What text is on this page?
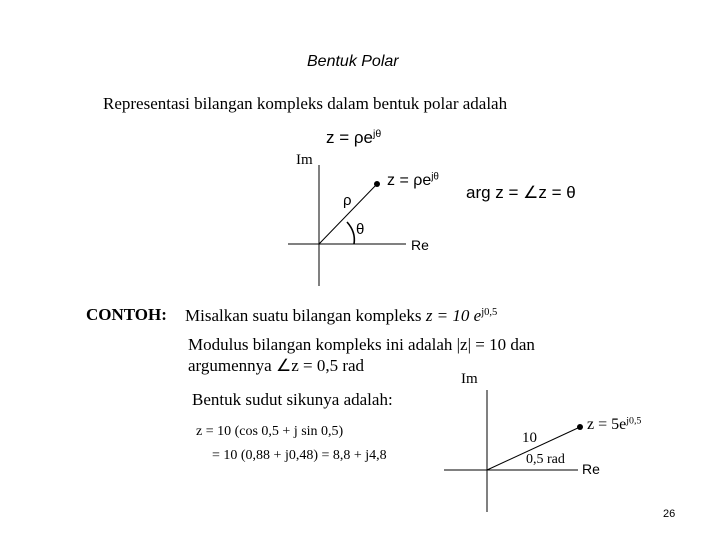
Bentuk Polar
Representasi bilangan kompleks dalam bentuk polar adalah
$z = \rho e^{j\theta}$
Im
Re
$z = \rho e^{j\theta}$
ρ
θ
arg z = ∠z = θ
CONTOH: Misalkan suatu bilangan kompleks z = 10 $e^{j0,5}$
Modulus bilangan kompleks ini adalah |z| = 10 dan
argumennya ∠z = 0,5 rad
Bentuk sudut sikunya adalah:
z = 10 (cos 0,5 + j sin 0,5)
= 10 (0,88 + j0,48) = 8,8 + j4,8
Im
Re
$z = 5e^{j0,5}$
10
0,5 rad
26
